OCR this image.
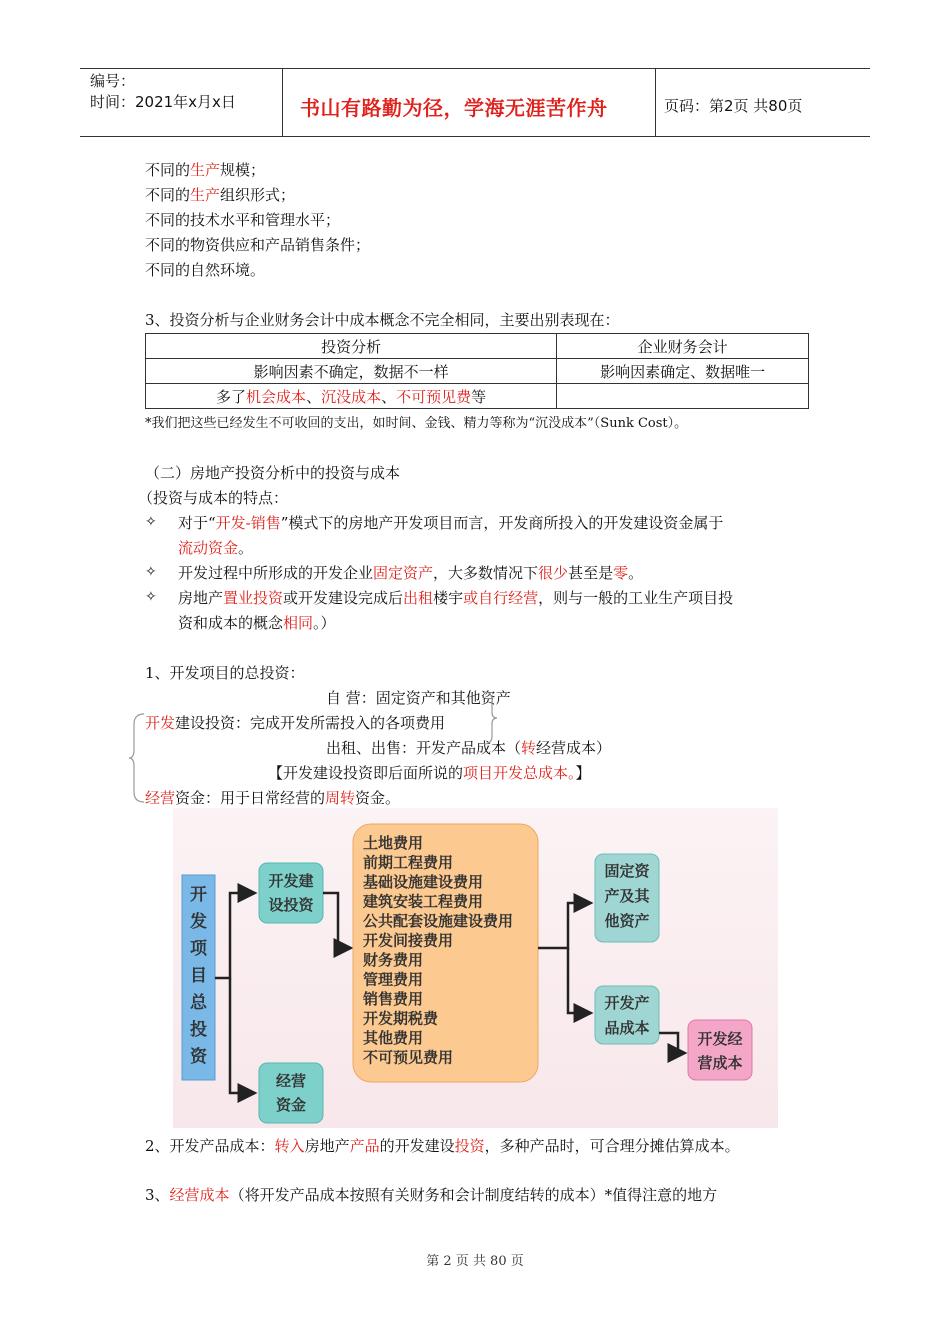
编号：
时间：2021年x月x日	书山有路勤为径，学海无涯苦作舟	页码：第2页 共80页
不同的生产规模；
不同的生产组织形式；
不同的技术水平和管理水平；
不同的物资供应和产品销售条件；
不同的自然环境。
3、投资分析与企业财务会计中成本概念不完全相同，主要出别表现在：
投资分析	企业财务会计
影响因素不确定，数据不一样	影响因素确定、数据唯一
多了机会成本、沉没成本、不可预见费等	
*我们把这些已经发生不可收回的支出，如时间、金钱、精力等称为“沉没成本”（Sunk Cost）。
（二）房地产投资分析中的投资与成本
（投资与成本的特点：
✧ 对于“开发-销售”模式下的房地产开发项目而言，开发商所投入的开发建设资金属于
流动资金。
✧ 开发过程中所形成的开发企业固定资产，大多数情况下很少甚至是零。
✧ 房地产置业投资或开发建设完成后出租楼宇或自行经营，则与一般的工业生产项目投
资和成本的概念相同。）
1、开发项目的总投资：
自 营：固定资产和其他资产
开发建设投资：完成开发所需投入的各项费用
出租、出售：开发产品成本（转经营成本）
【开发建设投资即后面所说的项目开发总成本。】
经营资金：用于日常经营的周转资金。
开
发
项
目
总
投
资
开发建
设投资
经营
资金
土地费用
前期工程费用
基础设施建设费用
建筑安装工程费用
公共配套设施建设费用
开发间接费用
财务费用
管理费用
销售费用
开发期税费
其他费用
不可预见费用
固定资
产及其
他资产
开发产
品成本
开发经
营成本
2、开发产品成本：转入房地产产品的开发建设投资，多种产品时，可合理分摊估算成本。
3、经营成本（将开发产品成本按照有关财务和会计制度结转的成本）*值得注意的地方
第 2 页 共 80 页
